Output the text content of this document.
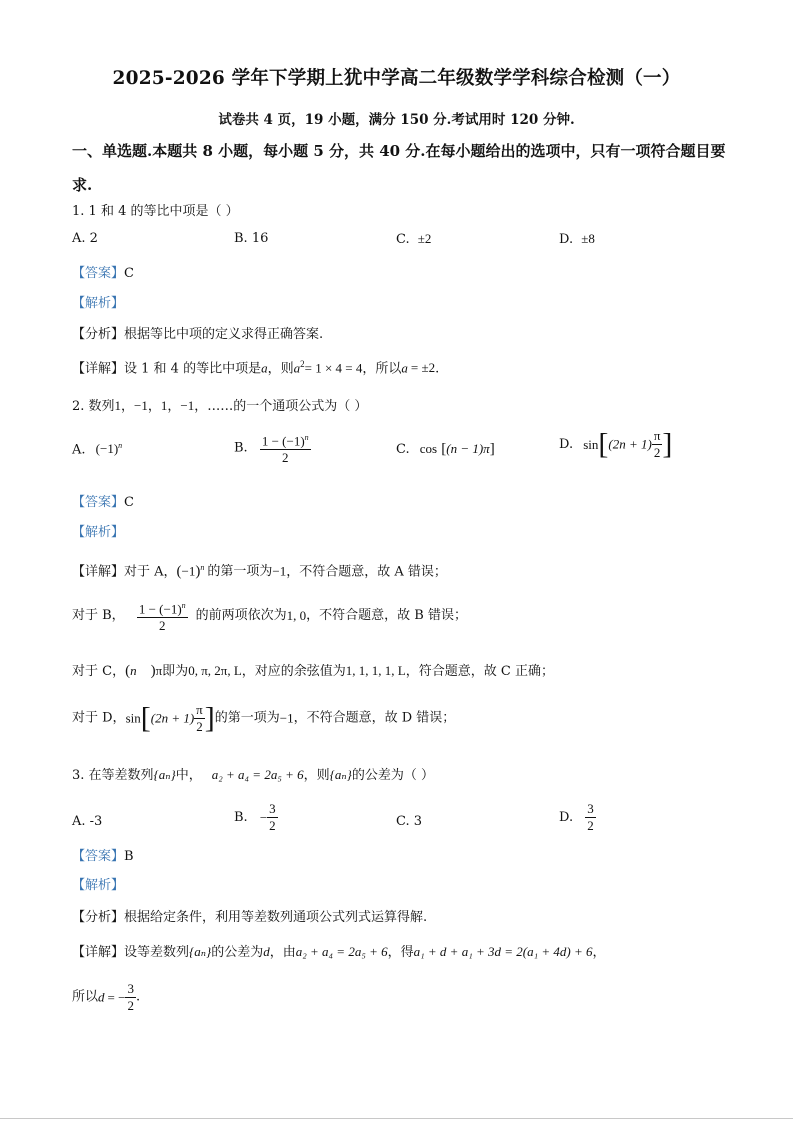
2025-2026 学年下学期上犹中学高二年级数学学科综合检测（一）
试卷共 4 页，19 小题，满分 150 分.考试用时 120 分钟.
一、单选题.本题共 8 小题，每小题 5 分，共 40 分.在每小题给出的选项中，只有一项符合题目要求.
1. 1 和 4 的等比中项是（ ）
A. 2	B. 16	C. ±2	D. ±8
【答案】C
【解析】
【分析】根据等比中项的定义求得正确答案.
【详解】设 1 和 4 的等比中项是a，则$a^2= 1 \times 4 = 4$，所以a = ±2.
2. 数列1，−1，1，−1，……的一个通项公式为（ ）
A. $(-1)^n$	B. $\frac{1 - (-1)^n}{2}$	C. cos [(n − 1)π]	D. $\sin[(2n + 1) \frac{\pi}{2}$ ]
【答案】C
【解析】
【详解】对于 A，$(-1)^n$ 的第一项为−1，不符合题意，故 A 错误；
对于 B， $\frac{1 - (-1)^n}{2}$ 的前两项依次为1, 0，不符合题意，故 B 错误；
对于 C，(n )π即为0, π, 2π, L，对应的余弦值为1, 1, 1, 1, L，符合题意，故 C 正确；
对于 D，$\sin[(2n + 1) \frac{\pi}{2}$ ]的第一项为−1，不符合题意，故 D 错误；
3. 在等差数列{aₙ}中， a₂ + a₄ = 2a₅ + 6，则{aₙ}的公差为（ ）
A. -3	B. − $\frac{3}{2}$	C. 3	D. $\frac{3}{2}$
【答案】B
【解析】
【分析】根据给定条件，利用等差数列通项公式列式运算得解.
【详解】设等差数列{aₙ}的公差为d，由a₂ + a₄ = 2a₅ + 6，得a₁ + d + a₁ + 3d = 2(a₁ + 4d) + 6，
所以d = − $\frac{3}{2}$ .
